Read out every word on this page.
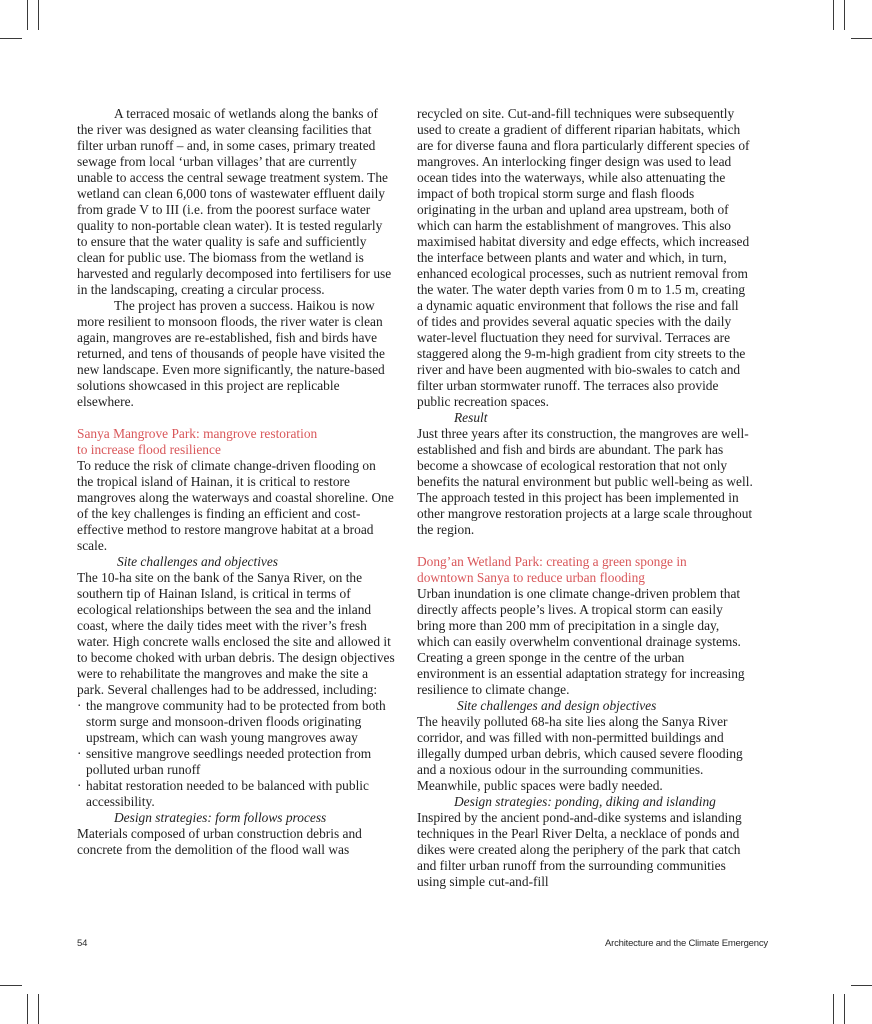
A terraced mosaic of wetlands along the banks of the river was designed as water cleansing facilities that filter urban runoff – and, in some cases, primary treated sewage from local ‘urban villages’ that are currently unable to access the central sewage treatment system. The wetland can clean 6,000 tons of wastewater effluent daily from grade V to III (i.e. from the poorest surface water quality to non-portable clean water). It is tested regularly to ensure that the water quality is safe and sufficiently clean for public use. The biomass from the wetland is harvested and regularly decomposed into fertilisers for use in the landscaping, creating a circular process.

The project has proven a success. Haikou is now more resilient to monsoon floods, the river water is clean again, mangroves are re-established, fish and birds have returned, and tens of thousands of people have visited the new landscape. Even more significantly, the nature-based solutions showcased in this project are replicable elsewhere.

Sanya Mangrove Park: mangrove restoration
to increase flood resilience

To reduce the risk of climate change-driven flooding on the tropical island of Hainan, it is critical to restore mangroves along the waterways and coastal shoreline. One of the key challenges is finding an efficient and cost-effective method to restore mangrove habitat at a broad scale.

Site challenges and objectives

The 10-ha site on the bank of the Sanya River, on the southern tip of Hainan Island, is critical in terms of ecological relationships between the sea and the inland coast, where the daily tides meet with the river’s fresh water. High concrete walls enclosed the site and allowed it to become choked with urban debris. The design objectives were to rehabilitate the mangroves and make the site a park. Several challenges had to be addressed, including:

· the mangrove community had to be protected from both storm surge and monsoon-driven floods originating upstream, which can wash young mangroves away
· sensitive mangrove seedlings needed protection from polluted urban runoff
· habitat restoration needed to be balanced with public accessibility.

Design strategies: form follows process

Materials composed of urban construction debris and concrete from the demolition of the flood wall was

recycled on site. Cut-and-fill techniques were subsequently used to create a gradient of different riparian habitats, which are for diverse fauna and flora particularly different species of mangroves. An interlocking finger design was used to lead ocean tides into the waterways, while also attenuating the impact of both tropical storm surge and flash floods originating in the urban and upland area upstream, both of which can harm the establishment of mangroves. This also maximised habitat diversity and edge effects, which increased the interface between plants and water and which, in turn, enhanced ecological processes, such as nutrient removal from the water. The water depth varies from 0 m to 1.5 m, creating a dynamic aquatic environment that follows the rise and fall of tides and provides several aquatic species with the daily water-level fluctuation they need for survival. Terraces are staggered along the 9-m-high gradient from city streets to the river and have been augmented with bio-swales to catch and filter urban stormwater runoff. The terraces also provide public recreation spaces.

Result

Just three years after its construction, the mangroves are well-established and fish and birds are abundant. The park has become a showcase of ecological restoration that not only benefits the natural environment but public well-being as well. The approach tested in this project has been implemented in other mangrove restoration projects at a large scale throughout the region.

Dong’an Wetland Park: creating a green sponge in
downtown Sanya to reduce urban flooding

Urban inundation is one climate change-driven problem that directly affects people’s lives. A tropical storm can easily bring more than 200 mm of precipitation in a single day, which can easily overwhelm conventional drainage systems. Creating a green sponge in the centre of the urban environment is an essential adaptation strategy for increasing resilience to climate change.

Site challenges and design objectives

The heavily polluted 68-ha site lies along the Sanya River corridor, and was filled with non-permitted buildings and illegally dumped urban debris, which caused severe flooding and a noxious odour in the surrounding communities. Meanwhile, public spaces were badly needed.

Design strategies: ponding, diking and islanding

Inspired by the ancient pond-and-dike systems and islanding techniques in the Pearl River Delta, a necklace of ponds and dikes were created along the periphery of the park that catch and filter urban runoff from the surrounding communities using simple cut-and-fill

54	Architecture and the Climate Emergency
